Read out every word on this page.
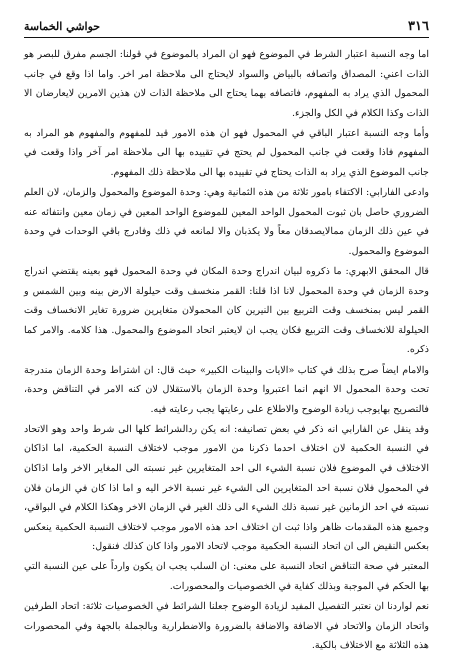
٣١٦
حواشي الخماسة

اما وجه النسبة اعتبار الشرط في الموضوع فهو ان المراد بالموضوع في قولنا: الجسم مفرق للبصر هو الذات اعني: المصداق واتصافه بالبياض والسواد لايحتاج الى ملاحظة امر اخر. واما اذا وقع في جانب المحمول الذي يراد به المفهوم، فاتصافه بهما يحتاج الى ملاحظة الذات لان هذين الامرين لايعارضان الا الذات وكذا الكلام في الكل والجزء.

وأما وجه النسبة اعتبار الباقي في المحمول فهو ان هذه الامور قيد للمفهوم والمفهوم هو المراد به المفهوم فاذا وقعت في جانب المحمول لم يحتج في تقييده بها الى ملاحظة امر آخر واذا وقعت في جانب الموضوع الذي يراد به الذات يحتاج في تقييده بها الى ملاحظة ذلك المفهوم.

وادعى الفارابي: الاكتفاء بامور ثلاثة من هذه الثمانية وهي: وحدة الموضوع والمحمول والزمان، لان العلم الضروري حاصل بان ثبوت المحمول الواحد المعين للموضوع الواحد المعين في زمان معين وانتفائه عنه في عين ذلك الزمان ممالايصدقان معاً ولا يكذبان والا لمانعه في ذلك وفادرج باقي الوحدات في وحدة الموضوع والمحمول.

قال المحقق الابهري: ما ذكروه لبيان اندراج وحدة المكان في وحدة المحمول فهو بعينه يقتضي اندراج وحدة الزمان في وحدة المحمول لانا اذا قلنا: القمر منخسف وقت حيلولة الارض بينه وبين الشمس و القمر ليس بمنخسف وقت التربيع بين النيرين كان المحمولان متغايرين ضرورة تغاير الانخساف وقت الحيلولة للانخساف وقت التربيع فكان يجب ان لايعتبر اتحاد الموضوع والمحمول. هذا كلامه. والامر كما ذكره.

والامام ايضاً صرح بذلك في كتاب «الايات والبينات الكبير» حيث قال: ان اشتراط وحدة الزمان مندرجة تحت وحدة المحمول الا انهم انما اعتبروا وحدة الزمان بالاستقلال لان كنه الامر في التناقض وحدة، فالتصريح بهايوجب زيادة الوضوح والاطلاع على رعايتها يجب رعايته فيه.

وقد ينقل عن الفارابي انه ذكر في بعض تصانيفه: انه يكن ردالشرائط كلها الى شرط واحد وهو الاتحاد في النسبة الحكمية لان اختلاف احدما ذكرنا من الامور موجب لاختلاف النسبة الحكمية، اما اذاكان الاختلاف في الموضوع فلان نسبة الشيء الى احد المتغايرين غير نسبته الى المغاير الاخر واما اذاكان في المحمول فلان نسبة احد المتغايرين الى الشيء غير نسبة الاخر اليه و اما اذا كان في الزمان فلان نسبته في احد الزمانين غير نسبة ذلك الشيء الى ذلك الغير في الزمان الاخر وهكذا الكلام في البواقي، وجميع هذه المقدمات ظاهر واذا ثبت ان اختلاف احد هذه الامور موجب لاختلاف النسبة الحكمية ينعكس بعكس النقيض الى ان اتحاد النسبة الحكمية موجب لاتحاد الامور واذا كان كذلك فنقول:

المعتبر في صحة التناقض اتحاد النسبة على معنى: ان السلب يجب ان يكون وارداً على عين النسبة التي بها الحكم في الموجبة وبذلك كفاية في الخصوصيات والمحصورات.

نعم لواردنا ان نعتبر التفصيل المفيد لزيادة الوضوح جعلنا الشرائط في الخصوصيات ثلاثة: اتحاد الطرفين واتحاد الزمان والاتحاد في الاضافة والاضافة بالضرورة والاضطرارية وبالجملة بالجهة وفي المحصورات هذه الثلاثة مع الاختلاف بالكية.
